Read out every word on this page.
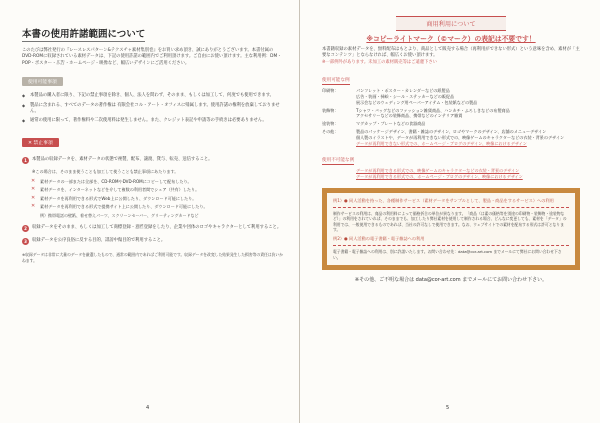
本書の使用許諾範囲について
このたびは弊社発行の『レースレスパターン&テクスチャ素材集別巻』をお買い求め頂き、誠にありがとうございます。本書付属のDVD-ROMに収録されている素材データは、下記の使用許諾の範囲内でご利用頂けます。ご自由にお使い頂けます。主な利用例：DM・POP・ポスター・広告・ホームページ・映像など、幅広いデザインにご活用ください。
使用可能事項
◆ 本製品の購入者に限り、下記の禁止事項を除き、個人、法人を問わず、そのまま、もしくは加工して、何度でも使用できます。
◆ 製品に含まれる、すべてのデータの著作権は 有限会社コル・アート・オフィスに帰属します。使用許諾の権利を放棄しておりません。
◆ 通常の使用に限って、著作権料や二次使用料は発生しません。また、クレジット表記や申請等の手続きは必要ありません。
✕ 禁止事項
1	本製品の収録データを、素材データの状態で複製、配布、譲渡、貸与、転売、送信すること。
※この場合は、そのまま使うことも加工して使うことも禁止事項にあたります。
✕ 素材データの一部または全部を、CD-ROMやDVD-ROMにコピーして配布したり。
✕ 素材データを、インターネットなどを介して複数の利用者間でシェア（共有）したり。
✕ 素材データを再利用できる形式でWeb上に公開したり、ダウンロード可能にしたり。
✕ 素材データを再利用できる形式で提携サイト上に公開したり、ダウンロード可能にしたり。
例）携帯電話の壁紙、着せ替えパーツ、スクリーンセーバー、グリーティングカードなど
2	収録データをそのまま、もしくは加工して商標登録・意匠登録をしたり、企業や団体のロゴやキャラクターとして利用すること。
3	収録データを公序良俗に反する目的、誹謗中傷目的で利用すること。
※収録データは非常に大量のデータを厳選したもので、通常の範囲内であればご利用可能です。収録データを改変した結果発生した損害等の責任は負いかねます。
4
商用利用について
※コピーライトマーク（©マーク）の表記は不要です！
本書籍収録の素材データを、無料配布はもとより、商品として販売する場合（再利用ができない形式）という意味を含め、素材が「主要なコンテンツ」とならなければ、幅広くお使い頂けます。
※一部例外があります。未加工の素材販売等はご遠慮下さい
使用可能な例
印刷物：	パンフレット・ポスター・カレンダーなどの紙製品
広告・装画・挿絵・シール・ステッカーなどの販促品
展示会などのウェディング用ペーパーアイテム・包装紙などの製品
装飾物：	Tシャツ・バッグなどのファッション雑貨商品、ハンカチ・ふろしきなどの布製商品
アクセサリーなどの装飾商品、携帯などのインテリア雑貨
塗装物：	マグカップ・プレートなどの食器商品
その他：	製品のパッケージデザイン、書籍・雑誌のデザイン、ロゴやマークのデザイン、店舗のメニューデザイン
個人製のイラストや、データが再利用できない形式での、映像ゲームのキャラクターなどの衣装・背景のデザイン
データが再利用できない形式での、ホームページ・ブログのデザイン、映像におけるデザイン
使用不可能な例
データが再利用できる形式での、映像ゲームのキャラクターなどの衣装・背景のデザイン
データが再利用できる形式での、ホームページ・ブログのデザイン、映像におけるデザイン
例1）● 同人活動を持った、各種制作サービス（素材データをサンプルとして、製品・商品をするサービス）への利用
制作サービスの利用は、商品の利用料によって価格折合の単位が異なります。「商品（は素の価格等を別途の印刷物・装飾物・塗装物など）」の利用をされていれば、そのままでも、加工したり弊社素材を使用して制作される場合、どんなに変更しても、素材を「データ」の利用では、一般使用できるものであれば、当社の許可なしで使用できます。なお、ウェブサイトでの素材を配布する形式は許可となります。
例2）● 同人活動の電子書籍・電子雑誌への利用
電子書籍・電子雑誌への利用は、別に許諾いたします。お問い合わせ先：data@cor-art.com までメールにて弊社にお問い合わせ下さい。
※その他、ご不明な場合は data@cor-art.com までメールにてお問い合わせ下さい。
5
